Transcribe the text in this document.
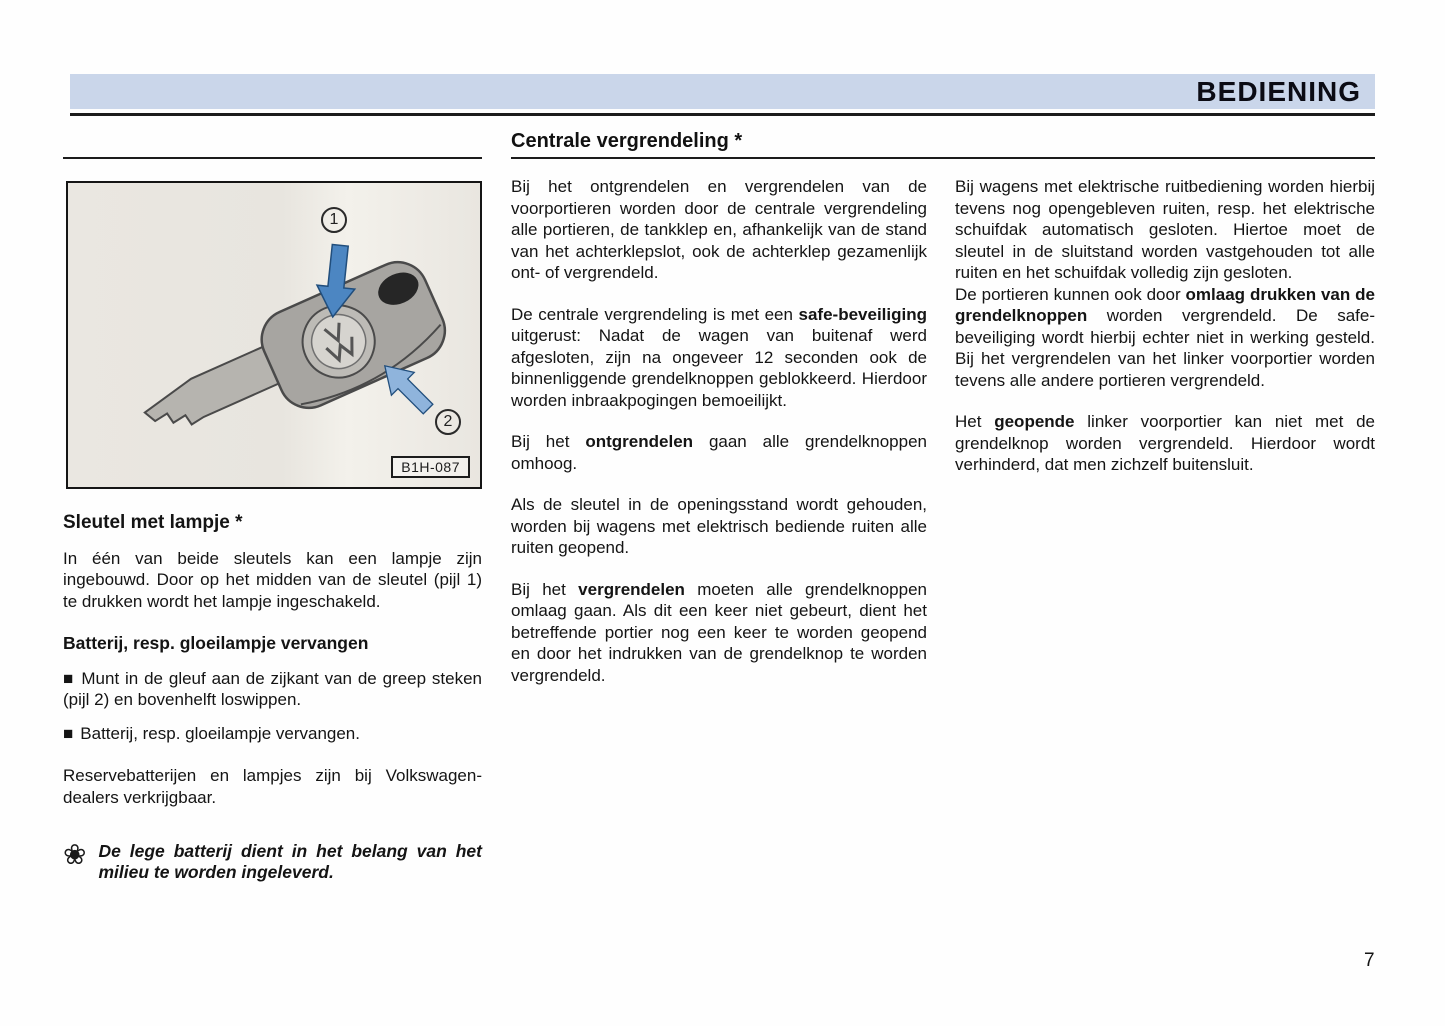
BEDIENING
Centrale vergrendeling *
1
2
B1H-087
Sleutel met lampje *

In één van beide sleutels kan een lampje zijn ingebouwd. Door op het midden van de sleutel (pijl 1) te drukken wordt het lampje ingeschakeld.

Batterij, resp. gloeilampje vervangen

■ Munt in de gleuf aan de zijkant van de greep steken (pijl 2) en bovenhelft loswippen.

■ Batterij, resp. gloeilampje vervangen.

Reservebatterijen en lampjes zijn bij Volkswagen-dealers verkrijgbaar.

❀ De lege batterij dient in het belang van het milieu te worden ingeleverd.

Bij het ontgrendelen en vergrendelen van de voorportieren worden door de centrale vergrendeling alle portieren, de tankklep en, afhankelijk van de stand van het achterklepslot, ook de achterklep gezamenlijk ont- of vergrendeld.

De centrale vergrendeling is met een safe-beveiliging uitgerust: Nadat de wagen van buitenaf werd afgesloten, zijn na ongeveer 12 seconden ook de binnenliggende grendelknoppen geblokkeerd. Hierdoor worden inbraakpogingen bemoeilijkt.

Bij het ontgrendelen gaan alle grendelknoppen omhoog.

Als de sleutel in de openingsstand wordt gehouden, worden bij wagens met elektrisch bediende ruiten alle ruiten geopend.

Bij het vergrendelen moeten alle grendelknoppen omlaag gaan. Als dit een keer niet gebeurt, dient het betreffende portier nog een keer te worden geopend en door het indrukken van de grendelknop te worden vergrendeld.

Bij wagens met elektrische ruitbediening worden hierbij tevens nog opengebleven ruiten, resp. het elektrische schuifdak automatisch gesloten. Hiertoe moet de sleutel in de sluitstand worden vastgehouden tot alle ruiten en het schuifdak volledig zijn gesloten.

De portieren kunnen ook door omlaag drukken van de grendelknoppen worden vergrendeld. De safe-beveiliging wordt hierbij echter niet in werking gesteld. Bij het vergrendelen van het linker voorportier worden tevens alle andere portieren vergrendeld.

Het geopende linker voorportier kan niet met de grendelknop worden vergrendeld. Hierdoor wordt verhinderd, dat men zichzelf buitensluit.

7
